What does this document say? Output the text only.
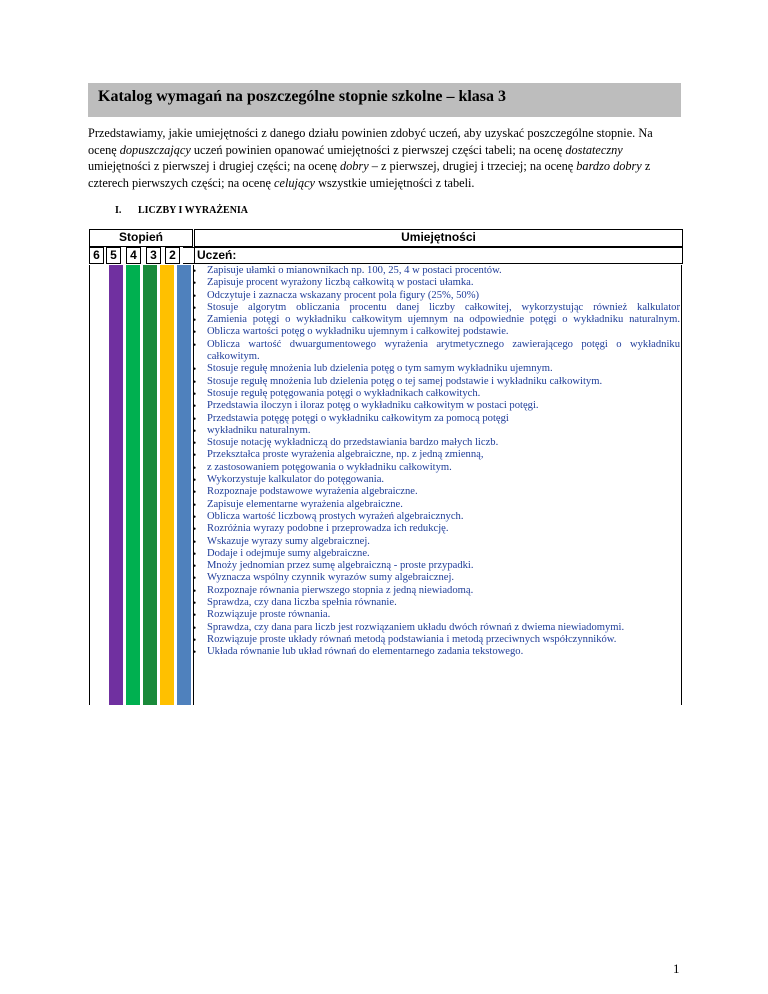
Katalog wymagań na poszczególne stopnie szkolne – klasa 3

Przedstawiamy, jakie umiejętności z danego działu powinien zdobyć uczeń, aby uzyskać poszczególne stopnie. Na ocenę dopuszczający uczeń powinien opanować umiejętności z pierwszej części tabeli; na ocenę dostateczny umiejętności z pierwszej i drugiej części; na ocenę dobry – z pierwszej, drugiej i trzeciej; na ocenę bardzo dobry z czterech pierwszych części; na ocenę celujący wszystkie umiejętności z tabeli.

I. LICZBY I WYRAŻENIA
Stopień	Umiejętności
6 5	4	3	2	Uczeń:
• Zapisuje ułamki o mianownikach np. 100, 25, 4 w postaci procentów.
• Zapisuje procent wyrażony liczbą całkowitą w postaci ułamka.
• Odczytuje i zaznacza wskazany procent pola figury (25%, 50%)
• Stosuje algorytm obliczania procentu danej liczby całkowitej, wykorzystując również kalkulator
• Zamienia potęgi o wykładniku całkowitym ujemnym na odpowiednie potęgi o wykładniku naturalnym.
• Oblicza wartości potęg o wykładniku ujemnym i całkowitej podstawie.
• Oblicza wartość dwuargumentowego wyrażenia arytmetycznego zawierającego potęgi o wykładniku całkowitym.
• Stosuje regułę mnożenia lub dzielenia potęg o tym samym wykładniku ujemnym.
• Stosuje regułę mnożenia lub dzielenia potęg o tej samej podstawie i wykładniku całkowitym.
• Stosuje regułę potęgowania potęgi o wykładnikach całkowitych.
• Przedstawia iloczyn i iloraz potęg o wykładniku całkowitym w postaci potęgi.
• Przedstawia potęgę potęgi o wykładniku całkowitym za pomocą potęgi
• wykładniku naturalnym.
• Stosuje notację wykładniczą do przedstawiania bardzo małych liczb.
• Przekształca proste wyrażenia algebraiczne, np. z jedną zmienną,
• z zastosowaniem potęgowania o wykładniku całkowitym.
• Wykorzystuje kalkulator do potęgowania.
• Rozpoznaje podstawowe wyrażenia algebraiczne.
• Zapisuje elementarne wyrażenia algebraiczne.
• Oblicza wartość liczbową prostych wyrażeń algebraicznych.
• Rozróżnia wyrazy podobne i przeprowadza ich redukcję.
• Wskazuje wyrazy sumy algebraicznej.
• Dodaje i odejmuje sumy algebraiczne.
• Mnoży jednomian przez sumę algebraiczną - proste przypadki.
• Wyznacza wspólny czynnik wyrazów sumy algebraicznej.
• Rozpoznaje równania pierwszego stopnia z jedną niewiadomą.
• Sprawdza, czy dana liczba spełnia równanie.
• Rozwiązuje proste równania.
• Sprawdza, czy dana para liczb jest rozwiązaniem układu dwóch równań z dwiema niewiadomymi.
• Rozwiązuje proste układy równań metodą podstawiania i metodą przeciwnych współczynników.
• Układa równanie lub układ równań do elementarnego zadania tekstowego.
1
